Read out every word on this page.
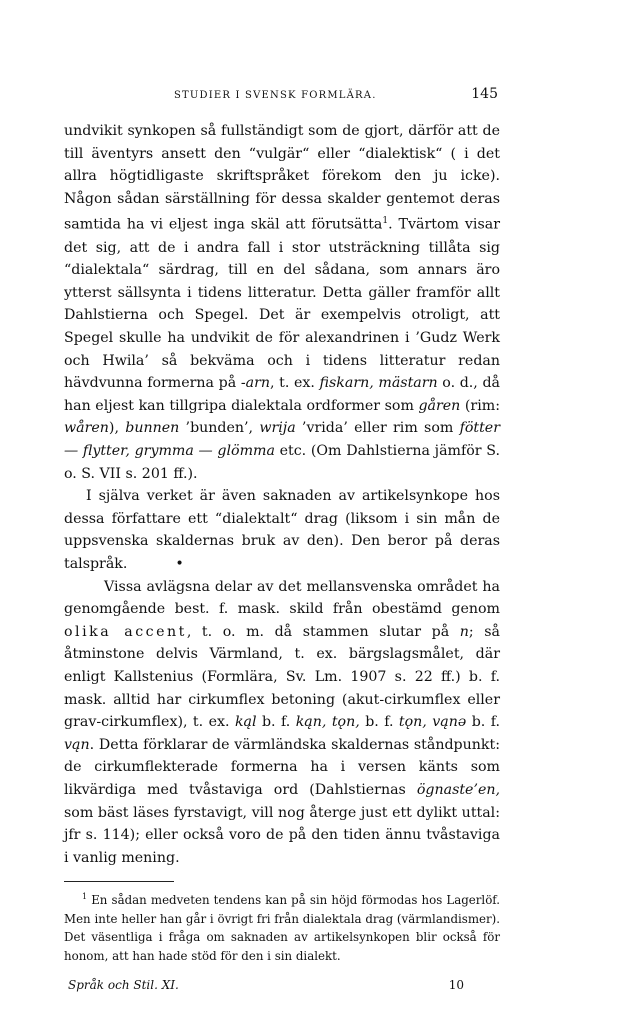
STUDIER I SVENSK FORMLÄRA.	145

undvikit synkopen så fullständigt som de gjort, därför att de till äventyrs ansett den “vulgär“ eller “dialektisk“ ( i det allra högtidligaste skriftspråket förekom den ju icke). Någon sådan särställning för dessa skalder gentemot deras samtida ha vi eljest inga skäl att förutsätta$^1$. Tvärtom visar det sig, att de i andra fall i stor utsträckning tillåta sig “dialektala“ särdrag, till en del sådana, som annars äro ytterst sällsynta i tidens litteratur. Detta gäller framför allt Dahlstierna och Spegel. Det är exempelvis otroligt, att Spegel skulle ha undvikit de för alexandrinen i ’Gudz Werk och Hwila’ så bekväma och i tidens litteratur redan hävdvunna formerna på -arn, t. ex. fiskarn, mästarn o. d., då han eljest kan tillgripa dialektala ordformer som gåren (rim: wåren), bunnen ’bunden’, wrija ’vrida’ eller rim som fötter — flytter, grymma — glömma etc. (Om Dahlstierna jämför S. o. S. VII s. 201 ff.).

I själva verket är även saknaden av artikelsynkope hos dessa författare ett “dialektalt“ drag (liksom i sin mån de uppsvenska skaldernas bruk av den). Den beror på deras talspråk.	•

Vissa avlägsna delar av det mellansvenska området ha genomgående best. f. mask. skild från obestämd genom olika accent, t. o. m. då stammen slutar på n; så åtminstone delvis Värmland, t. ex. bärgslagsmålet, där enligt Kallstenius (Formlära, Sv. Lm. 1907 s. 22 ff.) b. f. mask. alltid har cirkumflex betoning (akut-cirkumflex eller grav-cirkumflex), t. ex. kąl b. f. kąn, tǫn, b. f. tǫn, vąnə b. f. vąn. Detta förklarar de värmländska skaldernas ståndpunkt: de cirkumflekterade formerna ha i versen känts som likvärdiga med tvåstaviga ord (Dahlstiernas ögnaste’en, som bäst läses fyrstavigt, vill nog återge just ett dylikt uttal: jfr s. 114); eller också voro de på den tiden ännu tvåstaviga i vanlig mening.

$^1$ En sådan medveten tendens kan på sin höjd förmodas hos Lagerlöf. Men inte heller han går i övrigt fri från dialektala drag (värmlandismer). Det väsentliga i fråga om saknaden av artikelsynkopen blir också för honom, att han hade stöd för den i sin dialekt.

Språk och Stil. XI.	10
